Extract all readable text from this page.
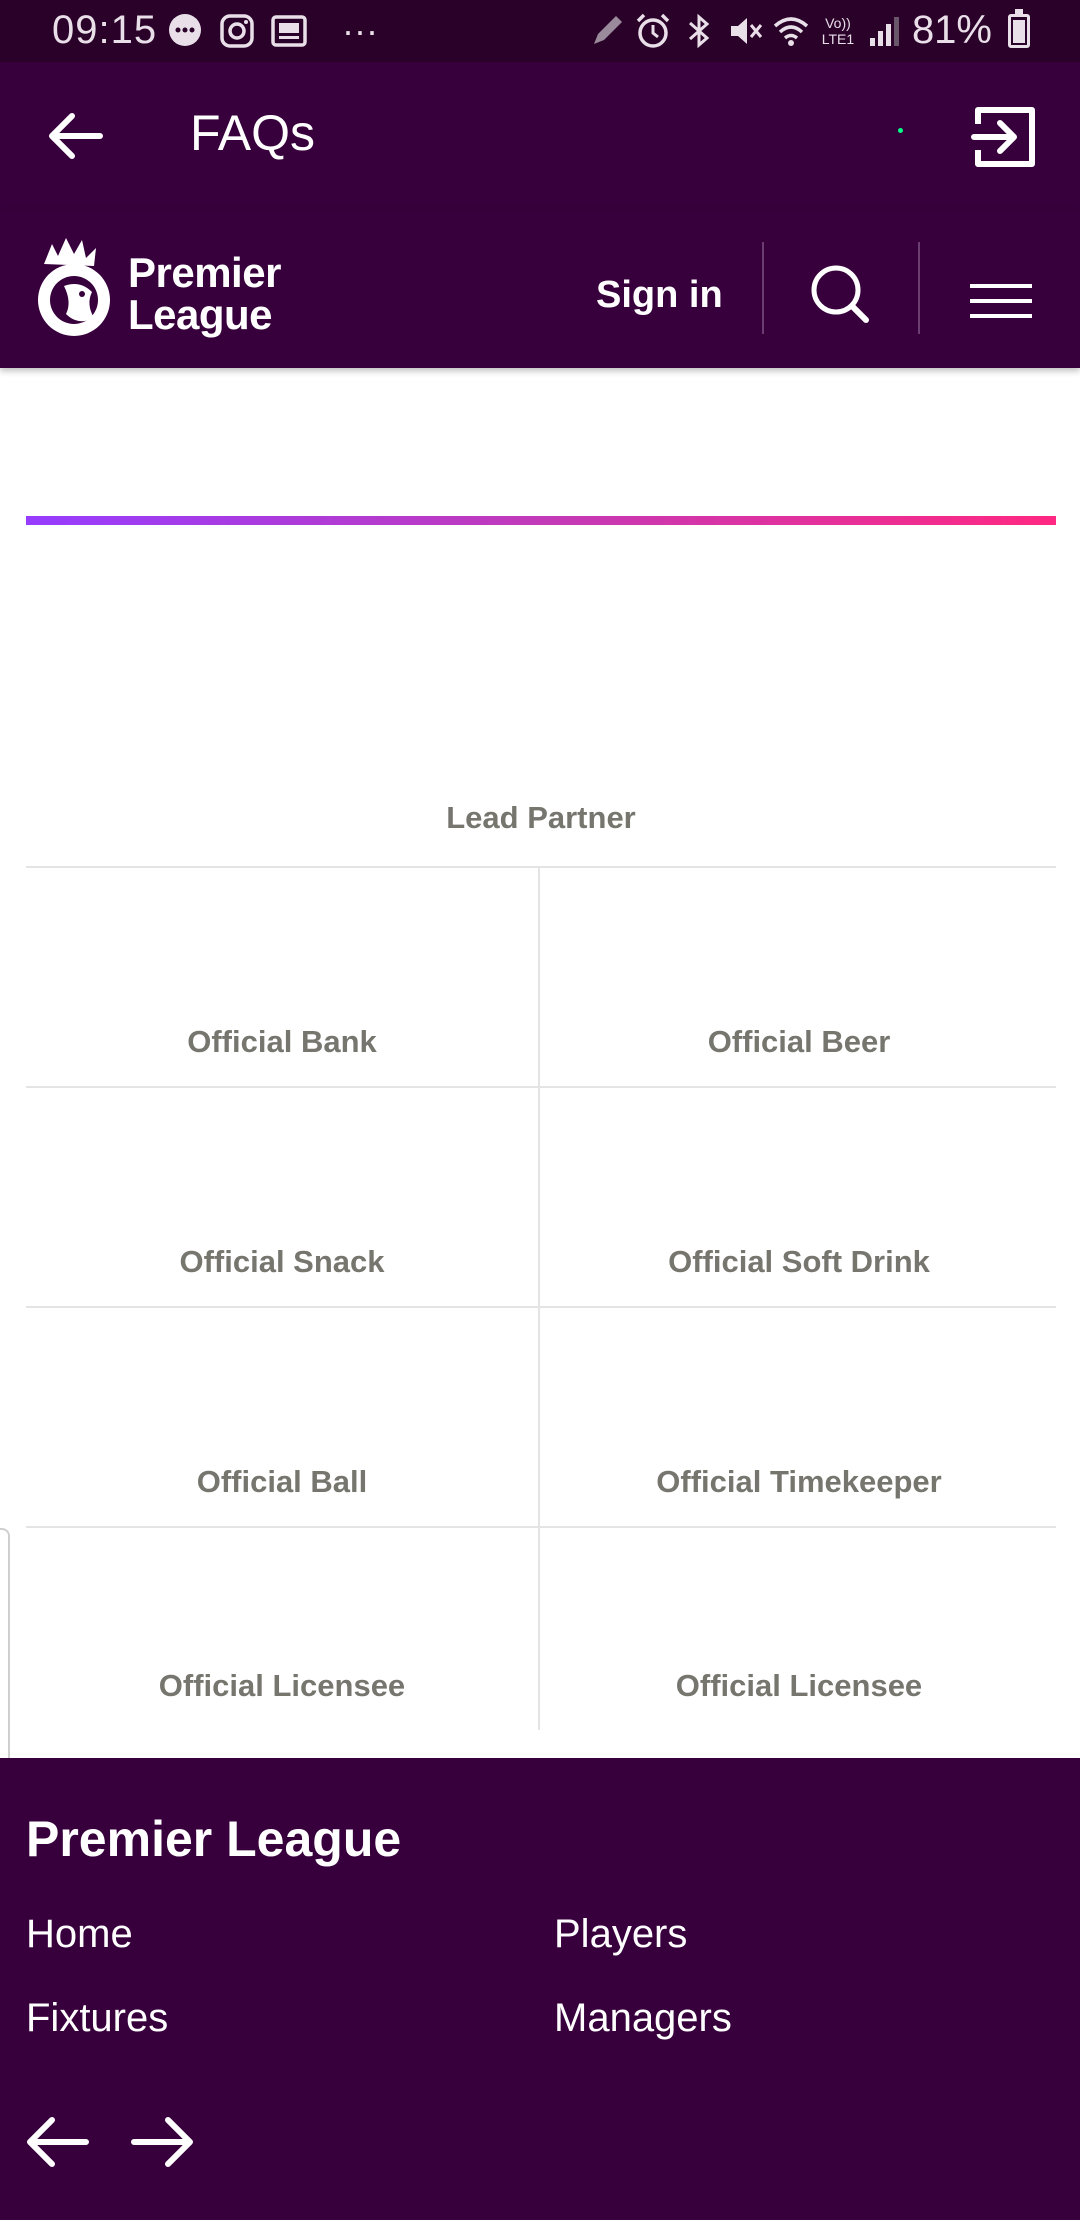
09:15	···	Vo)) LTE1 81%
FAQs
Premier
League	Sign in
Lead Partner
Official Bank	Official Beer
Official Snack	Official Soft Drink
Official Ball	Official Timekeeper
Official Licensee	Official Licensee
Premier League
Home
Fixtures
Players
Managers
